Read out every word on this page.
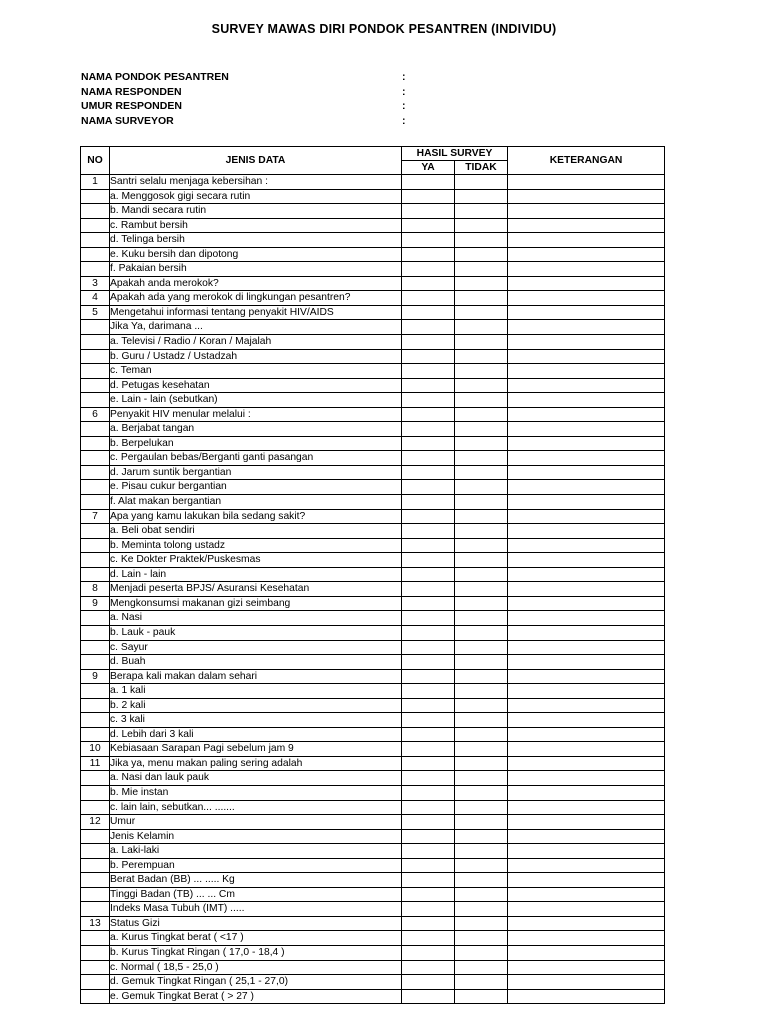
SURVEY MAWAS DIRI PONDOK PESANTREN (INDIVIDU)
NAMA PONDOK PESANTREN	:
NAMA RESPONDEN	:
UMUR RESPONDEN	:
NAMA SURVEYOR	:
NO	JENIS DATA	HASIL SURVEY		KETERANGAN
		YA	TIDAK	
1	Santri selalu menjaga kebersihan :			
	a. Menggosok gigi secara rutin			
	b. Mandi secara rutin			
	c. Rambut bersih			
	d. Telinga bersih			
	e. Kuku bersih dan dipotong			
	f. Pakaian bersih			
3	Apakah anda merokok?			
4	Apakah ada yang merokok di lingkungan pesantren?			
5	Mengetahui informasi tentang penyakit HIV/AIDS			
	Jika Ya, darimana ...			
	a. Televisi / Radio / Koran / Majalah			
	b. Guru / Ustadz / Ustadzah			
	c. Teman			
	d. Petugas kesehatan			
	e. Lain - lain (sebutkan)			
6	Penyakit HIV menular melalui :			
	a. Berjabat tangan			
	b. Berpelukan			
	c. Pergaulan bebas/Berganti ganti pasangan			
	d. Jarum suntik bergantian			
	e. Pisau cukur bergantian			
	f. Alat makan bergantian			
7	Apa yang kamu lakukan bila sedang sakit?			
	a. Beli obat sendiri			
	b. Meminta tolong ustadz			
	c. Ke Dokter Praktek/Puskesmas			
	d. Lain - lain			
8	Menjadi peserta BPJS/ Asuransi Kesehatan			
9	Mengkonsumsi makanan gizi seimbang			
	a. Nasi			
	b. Lauk - pauk			
	c. Sayur			
	d. Buah			
9	Berapa kali makan dalam sehari			
	a. 1 kali			
	b. 2 kali			
	c. 3 kali			
	d. Lebih dari 3 kali			
10	Kebiasaan Sarapan Pagi sebelum jam 9			
11	Jika ya, menu makan paling sering adalah			
	a. Nasi dan lauk pauk			
	b. Mie instan			
	c. lain lain, sebutkan... .......			
12	Umur			
	Jenis Kelamin			
	a. Laki-laki			
	b. Perempuan			
	Berat Badan (BB) ... ..... Kg			
	Tinggi Badan (TB) ... ... Cm			
	Indeks Masa Tubuh (IMT) .....			
13	Status Gizi			
	a. Kurus Tingkat berat ( <17 )			
	b. Kurus Tingkat Ringan ( 17,0 - 18,4 )			
	c. Normal ( 18,5 - 25,0 )			
	d. Gemuk Tingkat Ringan ( 25,1 - 27,0)			
	e. Gemuk Tingkat Berat ( > 27 )			
